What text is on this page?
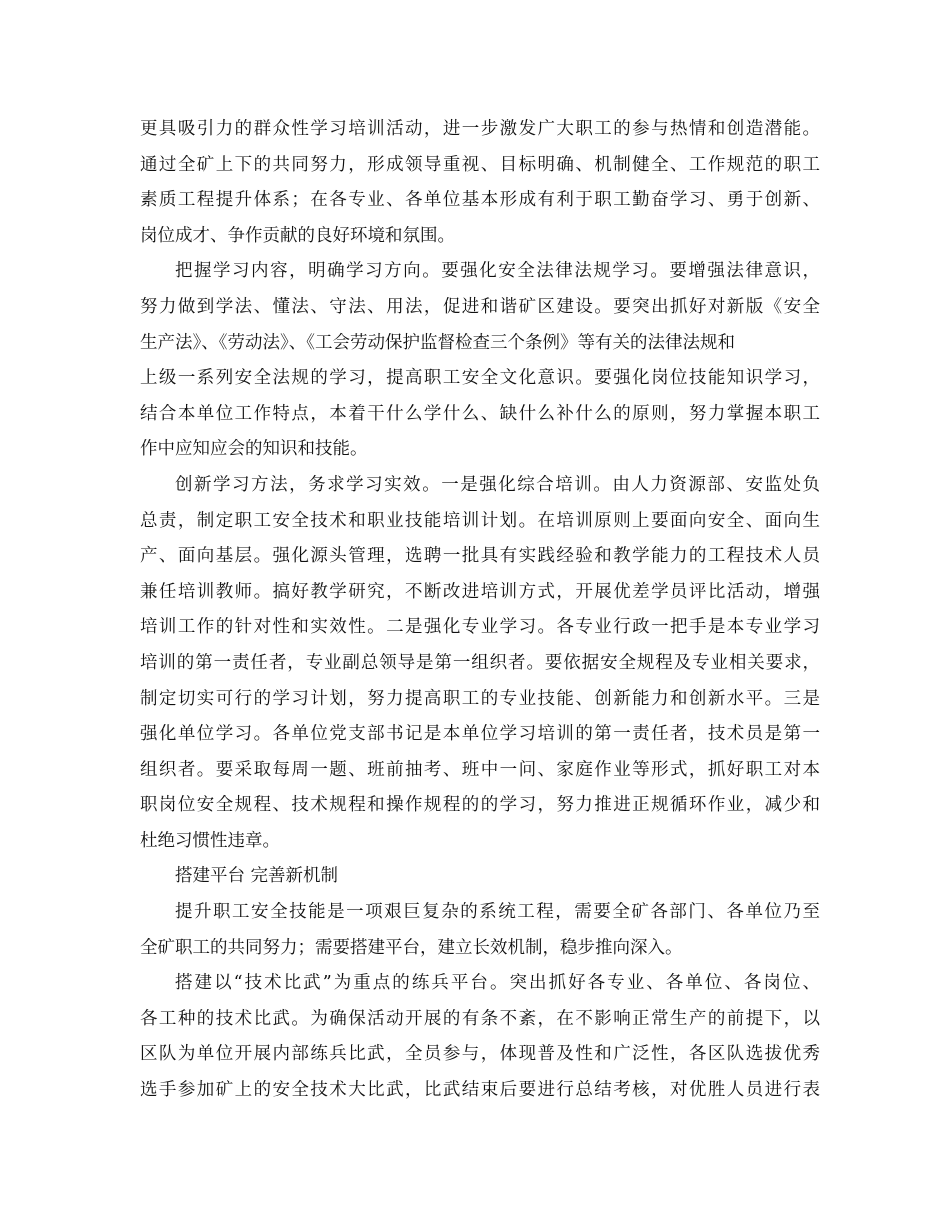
更具吸引力的群众性学习培训活动，进一步激发广大职工的参与热情和创造潜能。
通过全矿上下的共同努力，形成领导重视、目标明确、机制健全、工作规范的职工
素质工程提升体系；在各专业、各单位基本形成有利于职工勤奋学习、勇于创新、
岗位成才、争作贡献的良好环境和氛围。
把握学习内容，明确学习方向。要强化安全法律法规学习。要增强法律意识，
努力做到学法、懂法、守法、用法，促进和谐矿区建设。要突出抓好对新版《安全
生产法》、《劳动法》、《工会劳动保护监督检查三个条例》等有关的法律法规和
上级一系列安全法规的学习，提高职工安全文化意识。要强化岗位技能知识学习，
结合本单位工作特点，本着干什么学什么、缺什么补什么的原则，努力掌握本职工
作中应知应会的知识和技能。
创新学习方法，务求学习实效。一是强化综合培训。由人力资源部、安监处负
总责，制定职工安全技术和职业技能培训计划。在培训原则上要面向安全、面向生
产、面向基层。强化源头管理，选聘一批具有实践经验和教学能力的工程技术人员
兼任培训教师。搞好教学研究，不断改进培训方式，开展优差学员评比活动，增强
培训工作的针对性和实效性。二是强化专业学习。各专业行政一把手是本专业学习
培训的第一责任者，专业副总领导是第一组织者。要依据安全规程及专业相关要求，
制定切实可行的学习计划，努力提高职工的专业技能、创新能力和创新水平。三是
强化单位学习。各单位党支部书记是本单位学习培训的第一责任者，技术员是第一
组织者。要采取每周一题、班前抽考、班中一问、家庭作业等形式，抓好职工对本
职岗位安全规程、技术规程和操作规程的的学习，努力推进正规循环作业，减少和
杜绝习惯性违章。
搭建平台 完善新机制
提升职工安全技能是一项艰巨复杂的系统工程，需要全矿各部门、各单位乃至
全矿职工的共同努力；需要搭建平台，建立长效机制，稳步推向深入。
搭建以“技术比武”为重点的练兵平台。突出抓好各专业、各单位、各岗位、
各工种的技术比武。为确保活动开展的有条不紊，在不影响正常生产的前提下，以
区队为单位开展内部练兵比武，全员参与，体现普及性和广泛性，各区队选拔优秀
选手参加矿上的安全技术大比武，比武结束后要进行总结考核，对优胜人员进行表
